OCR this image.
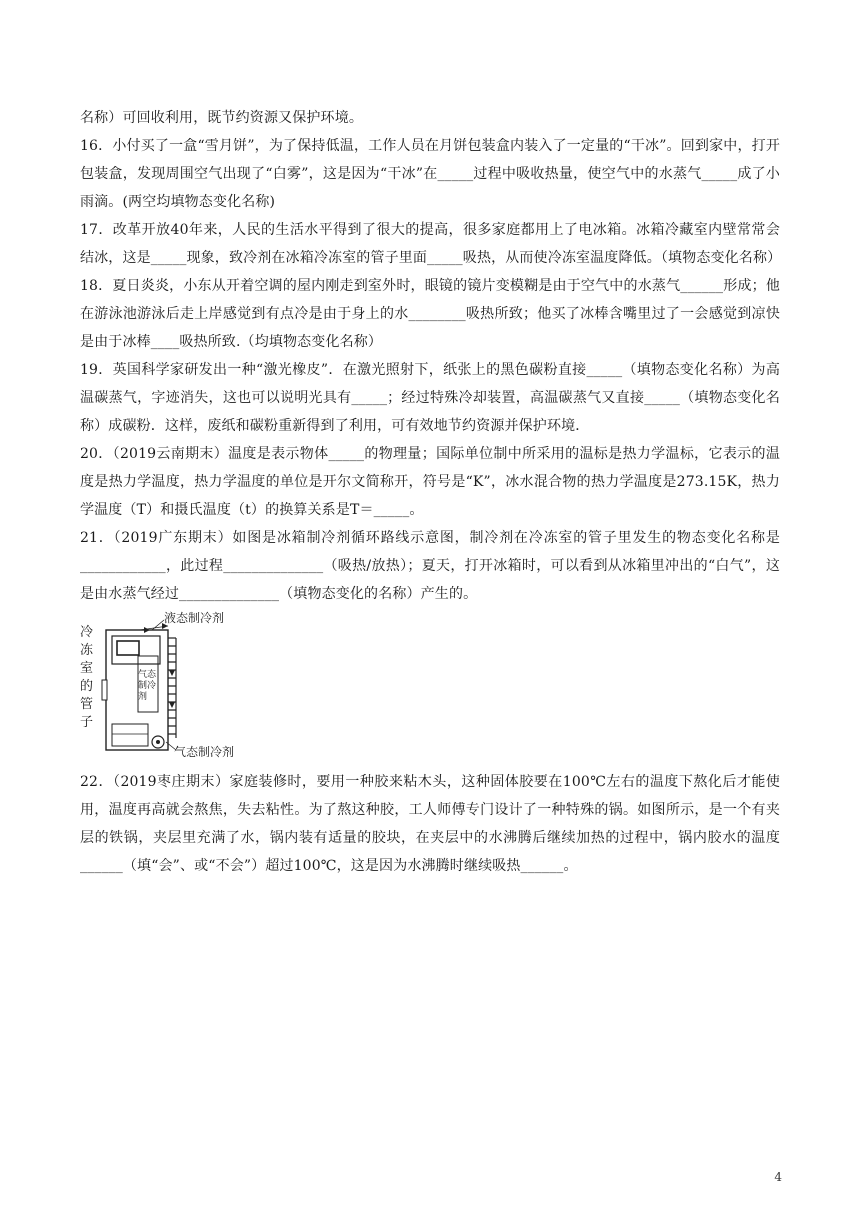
名称）可回收利用，既节约资源又保护环境。

16．小付买了一盒“雪月饼”，为了保持低温，工作人员在月饼包装盒内装入了一定量的“干冰”。回到家中，打开包装盒，发现周围空气出现了“白雾”，这是因为“干冰”在_____过程中吸收热量，使空气中的水蒸气_____成了小雨滴。(两空均填物态变化名称)

17．改革开放40年来，人民的生活水平得到了很大的提高，很多家庭都用上了电冰箱。冰箱冷藏室内壁常常会结冰，这是_____现象，致冷剂在冰箱冷冻室的管子里面_____吸热，从而使冷冻室温度降低。（填物态变化名称）

18．夏日炎炎，小东从开着空调的屋内刚走到室外时，眼镜的镜片变模糊是由于空气中的水蒸气______形成；他在游泳池游泳后走上岸感觉到有点冷是由于身上的水________吸热所致；他买了冰棒含嘴里过了一会感觉到凉快是由于冰棒____吸热所致.（均填物态变化名称）

19．英国科学家研发出一种“激光橡皮”．在激光照射下，纸张上的黑色碳粉直接_____（填物态变化名称）为高温碳蒸气，字迹消失，这也可以说明光具有_____；经过特殊冷却装置，高温碳蒸气又直接_____（填物态变化名称）成碳粉．这样，废纸和碳粉重新得到了利用，可有效地节约资源并保护环境．

20．（2019云南期末）温度是表示物体_____的物理量；国际单位制中所采用的温标是热力学温标，它表示的温度是热力学温度，热力学温度的单位是开尔文简称开，符号是“K”，冰水混合物的热力学温度是273.15K，热力学温度（T）和摄氏温度（t）的换算关系是T＝_____。

21．（2019广东期末）如图是冰箱制冷剂循环路线示意图，制冷剂在冷冻室的管子里发生的物态变化名称是____________，此过程______________（吸热/放热）；夏天，打开冰箱时，可以看到从冰箱里冲出的“白气”，这是由水蒸气经过______________（填物态变化的名称）产生的。

冷冻室的管子
液态制冷剂
气态制冷剂
气态制冷剂

22．（2019枣庄期末）家庭装修时，要用一种胶来粘木头，这种固体胶要在100℃左右的温度下熬化后才能使用，温度再高就会熬焦，失去粘性。为了熬这种胶，工人师傅专门设计了一种特殊的锅。如图所示，是一个有夹层的铁锅，夹层里充满了水，锅内装有适量的胶块，在夹层中的水沸腾后继续加热的过程中，锅内胶水的温度______（填“会”、或“不会”）超过100℃，这是因为水沸腾时继续吸热______。

4
